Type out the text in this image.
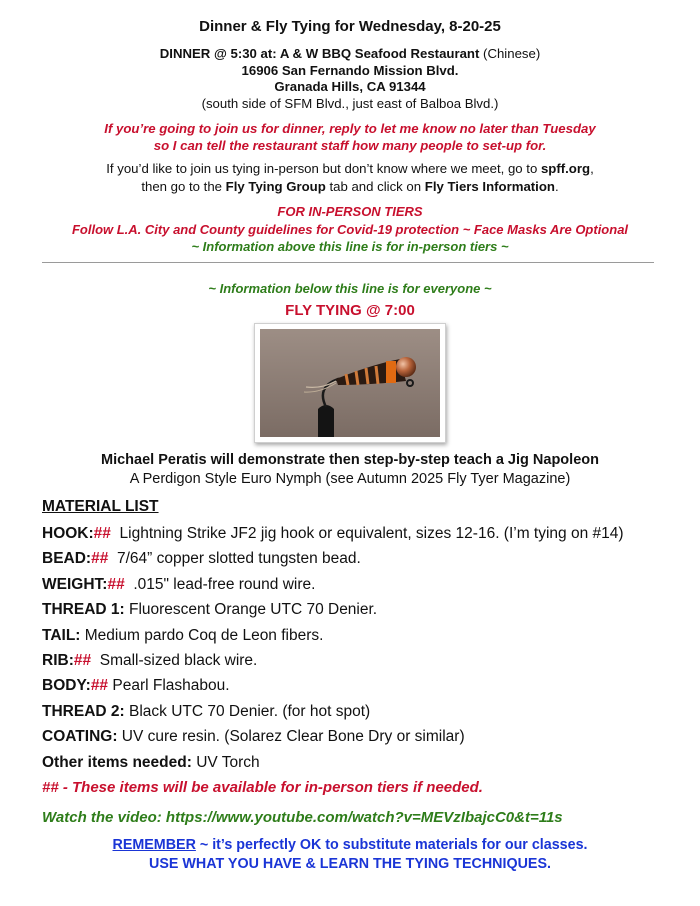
Dinner & Fly Tying for Wednesday, 8-20-25
DINNER @ 5:30 at: A & W BBQ Seafood Restaurant (Chinese)
16906 San Fernando Mission Blvd.
Granada Hills, CA 91344
(south side of SFM Blvd., just east of Balboa Blvd.)
If you’re going to join us for dinner, reply to let me know no later than Tuesday
so I can tell the restaurant staff how many people to set-up for.
If you’d like to join us tying in-person but don’t know where we meet, go to spff.org,
then go to the Fly Tying Group tab and click on Fly Tiers Information.
FOR IN-PERSON TIERS
Follow L.A. City and County guidelines for Covid-19 protection ~ Face Masks Are Optional
~ Information above this line is for in-person tiers ~
~ Information below this line is for everyone ~
FLY TYING @ 7:00
Michael Peratis will demonstrate then step-by-step teach a Jig Napoleon
A Perdigon Style Euro Nymph (see Autumn 2025 Fly Tyer Magazine)
MATERIAL LIST
HOOK:##  Lightning Strike JF2 jig hook or equivalent, sizes 12-16. (I’m tying on #14)
BEAD:##  7/64” copper slotted tungsten bead.
WEIGHT:##  .015" lead-free round wire.
THREAD 1: Fluorescent Orange UTC 70 Denier.
TAIL: Medium pardo Coq de Leon fibers.
RIB:##  Small-sized black wire.
BODY:## Pearl Flashabou.
THREAD 2: Black UTC 70 Denier. (for hot spot)
COATING: UV cure resin. (Solarez Clear Bone Dry or similar)
Other items needed: UV Torch
## - These items will be available for in-person tiers if needed.
Watch the video: https://www.youtube.com/watch?v=MEVzIbajcC0&t=11s
REMEMBER ~ it’s perfectly OK to substitute materials for our classes.
USE WHAT YOU HAVE & LEARN THE TYING TECHNIQUES.
